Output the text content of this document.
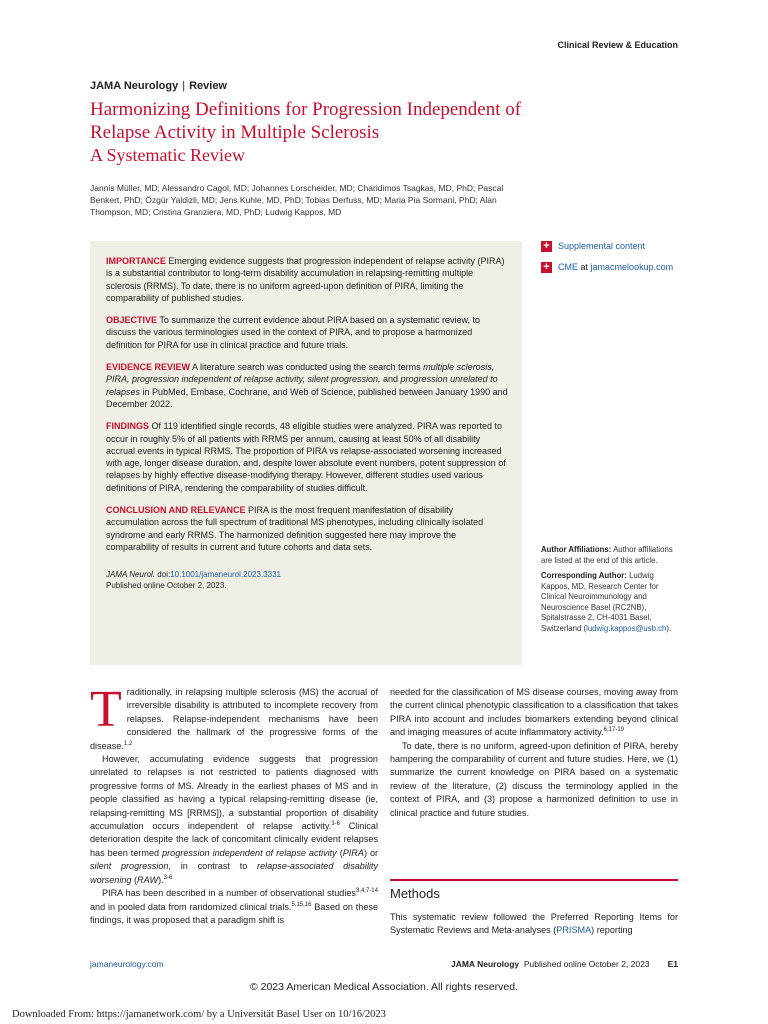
Clinical Review & Education
JAMA Neurology | Review
Harmonizing Definitions for Progression Independent of Relapse Activity in Multiple Sclerosis
A Systematic Review
Jannis Müller, MD; Alessandro Cagol, MD; Johannes Lorscheider, MD; Charidimos Tsagkas, MD, PhD; Pascal Benkert, PhD; Özgür Yaldizli, MD; Jens Kuhle, MD, PhD; Tobias Derfuss, MD; Maria Pia Sormani, PhD; Alan Thompson, MD; Cristina Granziera, MD, PhD; Ludwig Kappos, MD

IMPORTANCE Emerging evidence suggests that progression independent of relapse activity (PIRA) is a substantial contributor to long-term disability accumulation in relapsing-remitting multiple sclerosis (RRMS). To date, there is no uniform agreed-upon definition of PIRA, limiting the comparability of published studies.

OBJECTIVE To summarize the current evidence about PIRA based on a systematic review, to discuss the various terminologies used in the context of PIRA, and to propose a harmonized definition for PIRA for use in clinical practice and future trials.

EVIDENCE REVIEW A literature search was conducted using the search terms multiple sclerosis, PIRA, progression independent of relapse activity, silent progression, and progression unrelated to relapses in PubMed, Embase, Cochrane, and Web of Science, published between January 1990 and December 2022.

FINDINGS Of 119 identified single records, 48 eligible studies were analyzed. PIRA was reported to occur in roughly 5% of all patients with RRMS per annum, causing at least 50% of all disability accrual events in typical RRMS. The proportion of PIRA vs relapse-associated worsening increased with age, longer disease duration, and, despite lower absolute event numbers, potent suppression of relapses by highly effective disease-modifying therapy. However, different studies used various definitions of PIRA, rendering the comparability of studies difficult.

CONCLUSION AND RELEVANCE PIRA is the most frequent manifestation of disability accumulation across the full spectrum of traditional MS phenotypes, including clinically isolated syndrome and early RRMS. The harmonized definition suggested here may improve the comparability of results in current and future cohorts and data sets.

JAMA Neurol. doi:10.1001/jamaneurol.2023.3331
Published online October 2, 2023.
+ Supplemental content
+ CME
at
jamacmelookup.com

Author Affiliations: Author affiliations are listed at the end of this article.

Corresponding Author: Ludwig Kappos, MD, Research Center for Clinical Neuroimmunology and Neuroscience Basel (RC2NB), Spitalstrasse 2, CH-4031 Basel, Switzerland (ludwig.kappos@usb.ch).

Traditionally, in relapsing multiple sclerosis (MS) the accrual of irreversible disability is attributed to incomplete recovery from relapses. Relapse-independent mechanisms have been considered the hallmark of the progressive forms of the disease.$^{1,2}$

However, accumulating evidence suggests that progression unrelated to relapses is not restricted to patients diagnosed with progressive forms of MS. Already in the earliest phases of MS and in people classified as having a typical relapsing-remitting disease (ie, relapsing-remitting MS [RRMS]), a substantial proportion of disability accumulation occurs independent of relapse activity.$^{3-6}$ Clinical deterioration despite the lack of concomitant clinically evident relapses has been termed progression independent of relapse activity (PIRA) or silent progression, in contrast to relapse-associated disability worsening (RAW).$^{3-6}$

PIRA has been described in a number of observational studies$^{3,4,7-14}$ and in pooled data from randomized clinical trials.$^{5,15,16}$ Based on these findings, it was proposed that a paradigm shift is

needed for the classification of MS disease courses, moving away from the current clinical phenotypic classification to a classification that takes PIRA into account and includes biomarkers extending beyond clinical and imaging measures of acute inflammatory activity.$^{6,17-19}$

To date, there is no uniform, agreed-upon definition of PIRA, hereby hampering the comparability of current and future studies. Here, we (1) summarize the current knowledge on PIRA based on a systematic review of the literature, (2) discuss the terminology applied in the context of PIRA, and (3) propose a harmonized definition to use in clinical practice and future studies.

Methods

This systematic review followed the Preferred Reporting Items for Systematic Reviews and Meta-analyses (PRISMA) reporting

jamaneurology.com	JAMA Neurology Published online October 2, 2023 E1
© 2023 American Medical Association. All rights reserved.
Downloaded From: https://jamanetwork.com/ by a Universität Basel User on 10/16/2023
